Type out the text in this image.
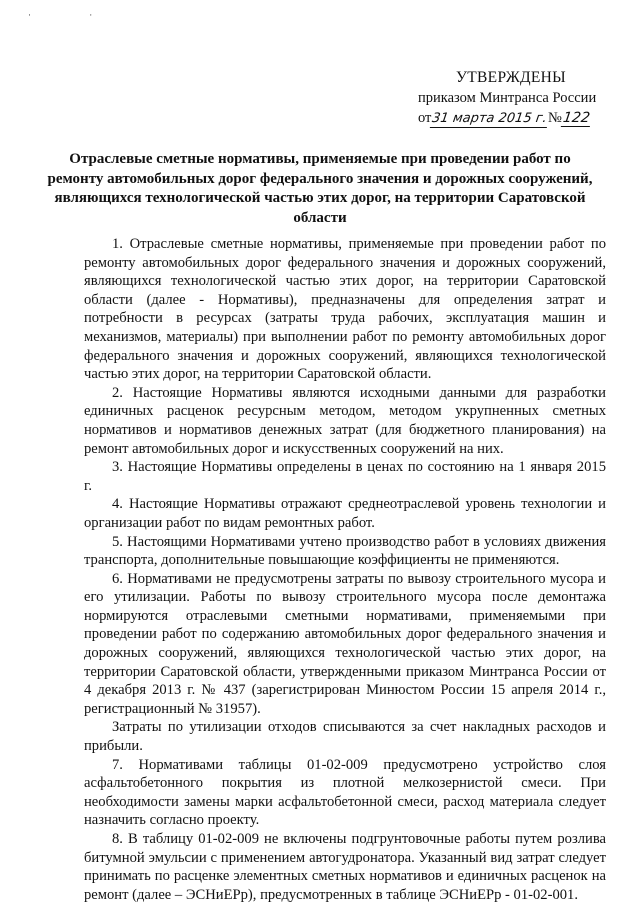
· ·
УТВЕРЖДЕНЫ
приказом Минтранса России
от31 марта 2015 г.№122
Отраслевые сметные нормативы, применяемые при проведении работ по ремонту автомобильных дорог федерального значения и дорожных сооружений, являющихся технологической частью этих дорог, на территории Саратовской области

1. Отраслевые сметные нормативы, применяемые при проведении работ по ремонту автомобильных дорог федерального значения и дорожных сооружений, являющихся технологической частью этих дорог, на территории Саратовской области (далее - Нормативы), предназначены для определения затрат и потребности в ресурсах (затраты труда рабочих, эксплуатация машин и механизмов, материалы) при выполнении работ по ремонту автомобильных дорог федерального значения и дорожных сооружений, являющихся технологической частью этих дорог, на территории Саратовской области.

2. Настоящие Нормативы являются исходными данными для разработки единичных расценок ресурсным методом, методом укрупненных сметных нормативов и нормативов денежных затрат (для бюджетного планирования) на ремонт автомобильных дорог и искусственных сооружений на них.

3. Настоящие Нормативы определены в ценах по состоянию на 1 января 2015 г.

4. Настоящие Нормативы отражают среднеотраслевой уровень технологии и организации работ по видам ремонтных работ.

5. Настоящими Нормативами учтено производство работ в условиях движения транспорта, дополнительные повышающие коэффициенты не применяются.

6. Нормативами не предусмотрены затраты по вывозу строительного мусора и его утилизации. Работы по вывозу строительного мусора после демонтажа нормируются отраслевыми сметными нормативами, применяемыми при проведении работ по содержанию автомобильных дорог федерального значения и дорожных сооружений, являющихся технологической частью этих дорог, на территории Саратовской области, утвержденными приказом Минтранса России от 4 декабря 2013 г. № 437 (зарегистрирован Минюстом России 15 апреля 2014 г., регистрационный № 31957).

Затраты по утилизации отходов списываются за счет накладных расходов и прибыли.

7. Нормативами таблицы 01-02-009 предусмотрено устройство слоя асфальтобетонного покрытия из плотной мелкозернистой смеси. При необходимости замены марки асфальтобетонной смеси, расход материала следует назначить согласно проекту.

8. В таблицу 01-02-009 не включены подгрунтовочные работы путем розлива битумной эмульсии с применением автогудронатора. Указанный вид затрат следует принимать по расценке элементных сметных нормативов и единичных расценок на ремонт (далее – ЭСНиЕРр), предусмотренных в таблице ЭСНиЕРр - 01-02-001.
